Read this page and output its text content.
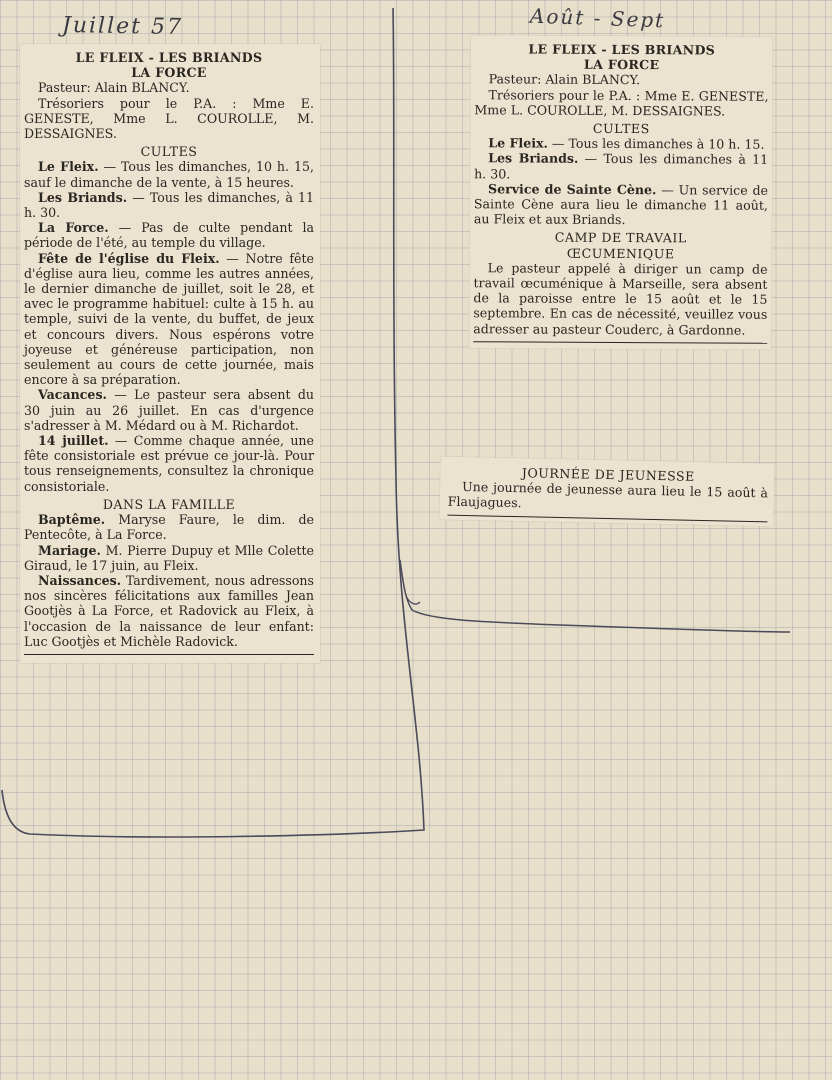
Juillet 57	Août - Sept

LE FLEIX - LES BRIANDS

LA FORCE

Pasteur: Alain BLANCY.

Trésoriers pour le P.A. : Mme E. GENESTE, Mme L. COUROLLE, M. DESSAIGNES.

CULTES

Le Fleix. — Tous les dimanches, 10 h. 15, sauf le dimanche de la vente, à 15 heures.

Les Briands. — Tous les dimanches, à 11 h. 30.

La Force. — Pas de culte pendant la période de l'été, au temple du village.

Fête de l'église du Fleix. — Notre fête d'église aura lieu, comme les autres années, le dernier dimanche de juillet, soit le 28, et avec le programme habituel: culte à 15 h. au temple, suivi de la vente, du buffet, de jeux et concours divers. Nous espérons votre joyeuse et généreuse participation, non seulement au cours de cette journée, mais encore à sa préparation.

Vacances. — Le pasteur sera absent du 30 juin au 26 juillet. En cas d'urgence s'adresser à M. Médard ou à M. Richardot.

14 juillet. — Comme chaque année, une fête consistoriale est prévue ce jour-là. Pour tous renseignements, consultez la chronique consistoriale.

DANS LA FAMILLE

Baptême. Maryse Faure, le dim. de Pentecôte, à La Force.

Mariage. M. Pierre Dupuy et Mlle Colette Giraud, le 17 juin, au Fleix.

Naissances. Tardivement, nous adressons nos sincères félicitations aux familles Jean Gootjès à La Force, et Radovick au Fleix, à l'occasion de la naissance de leur enfant: Luc Gootjès et Michèle Radovick.

LE FLEIX - LES BRIANDS

LA FORCE

Pasteur: Alain BLANCY.

Trésoriers pour le P.A. : Mme E. GENESTE, Mme L. COUROLLE, M. DESSAIGNES.

CULTES

Le Fleix. — Tous les dimanches à 10 h. 15.

Les Briands. — Tous les dimanches à 11 h. 30.

Service de Sainte Cène. — Un service de Sainte Cène aura lieu le dimanche 11 août, au Fleix et aux Briands.

CAMP DE TRAVAIL

ŒCUMENIQUE

Le pasteur appelé à diriger un camp de travail œcuménique à Marseille, sera absent de la paroisse entre le 15 août et le 15 septembre. En cas de nécessité, veuillez vous adresser au pasteur Couderc, à Gardonne.

JOURNÉE DE JEUNESSE

Une journée de jeunesse aura lieu le 15 août à Flaujagues.
